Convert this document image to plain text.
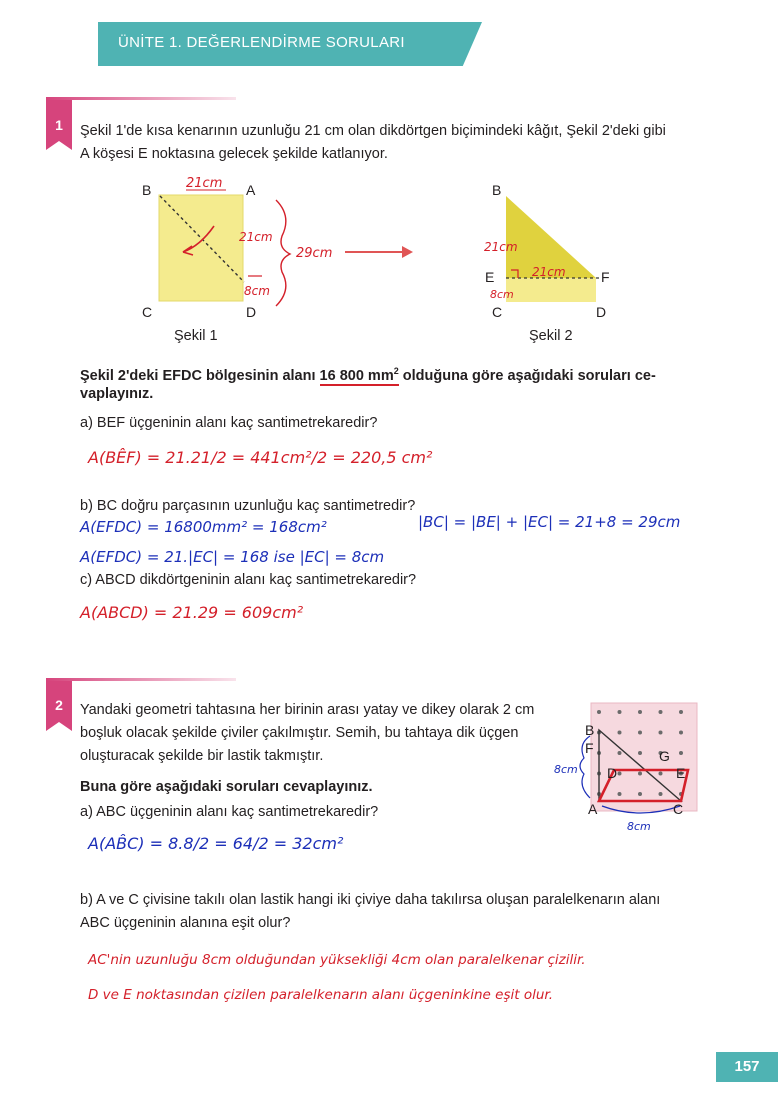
ÜNİTE 1. DEĞERLENDİRME SORULARI
1	Şekil 1'de kısa kenarının uzunluğu 21 cm olan dikdörtgen biçimindeki kâğıt, Şekil 2'deki gibi
A köşesi E noktasına gelecek şekilde katlanıyor.
B	A
C	D
21cm
21cm
8cm
29cm
Şekil 1
B
E	F
C	D
21cm
21cm
8cm
Şekil 2
Şekil 2'deki EFDC bölgesinin alanı 16 800 $mm^2$ olduğuna göre aşağıdaki soruları ce-
vaplayınız.
a) BEF üçgeninin alanı kaç santimetrekaredir?
A(BÊF) = 21.21/2 = 441cm²/2 = 220,5 cm²
b) BC doğru parçasının uzunluğu kaç santimetredir?
A(EFDC) = 16800mm² = 168cm²	|BC| = |BE| + |EC| = 21+8 = 29cm
A(EFDC) = 21.|EC| = 168 ise |EC| = 8cm
c) ABCD dikdörtgeninin alanı kaç santimetrekaredir?
A(ABCD) = 21.29 = 609cm²
2	Yandaki geometri tahtasına her birinin arası yatay ve dikey olarak 2 cm
boşluk olacak şekilde çiviler çakılmıştır. Semih, bu tahtaya dik üçgen
oluşturacak şekilde bir lastik takmıştır.
Buna göre aşağıdaki soruları cevaplayınız.
a) ABC üçgeninin alanı kaç santimetrekaredir?
A(AB̂C) = 8.8/2 = 64/2 = 32cm²
B
F	G
D	E
A	C
8cm
8cm
b) A ve C çivisine takılı olan lastik hangi iki çiviye daha takılırsa oluşan paralelkenarın alanı
ABC üçgeninin alanına eşit olur?
AC'nin uzunluğu 8cm olduğundan yüksekliği 4cm olan paralelkenar çizilir.
D ve E noktasından çizilen paralelkenarın alanı üçgeninkine eşit olur.
157
